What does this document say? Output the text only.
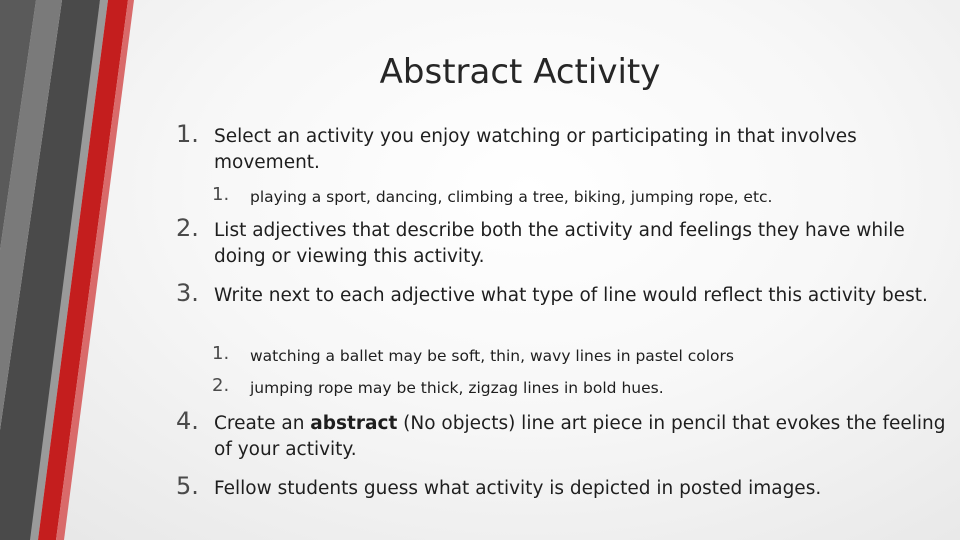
Abstract Activity
1. Select an activity you enjoy watching or participating in that involves movement.
1. playing a sport, dancing, climbing a tree, biking, jumping rope, etc.
2. List adjectives that describe both the activity and feelings they have while doing or viewing this activity.
3. Write next to each adjective what type of line would reflect this activity best.
1. watching a ballet may be soft, thin, wavy lines in pastel colors
2. jumping rope may be thick, zigzag lines in bold hues.
4. Create an abstract (No objects) line art piece in pencil that evokes the feeling of your activity.
5. Fellow students guess what activity is depicted in posted images.
